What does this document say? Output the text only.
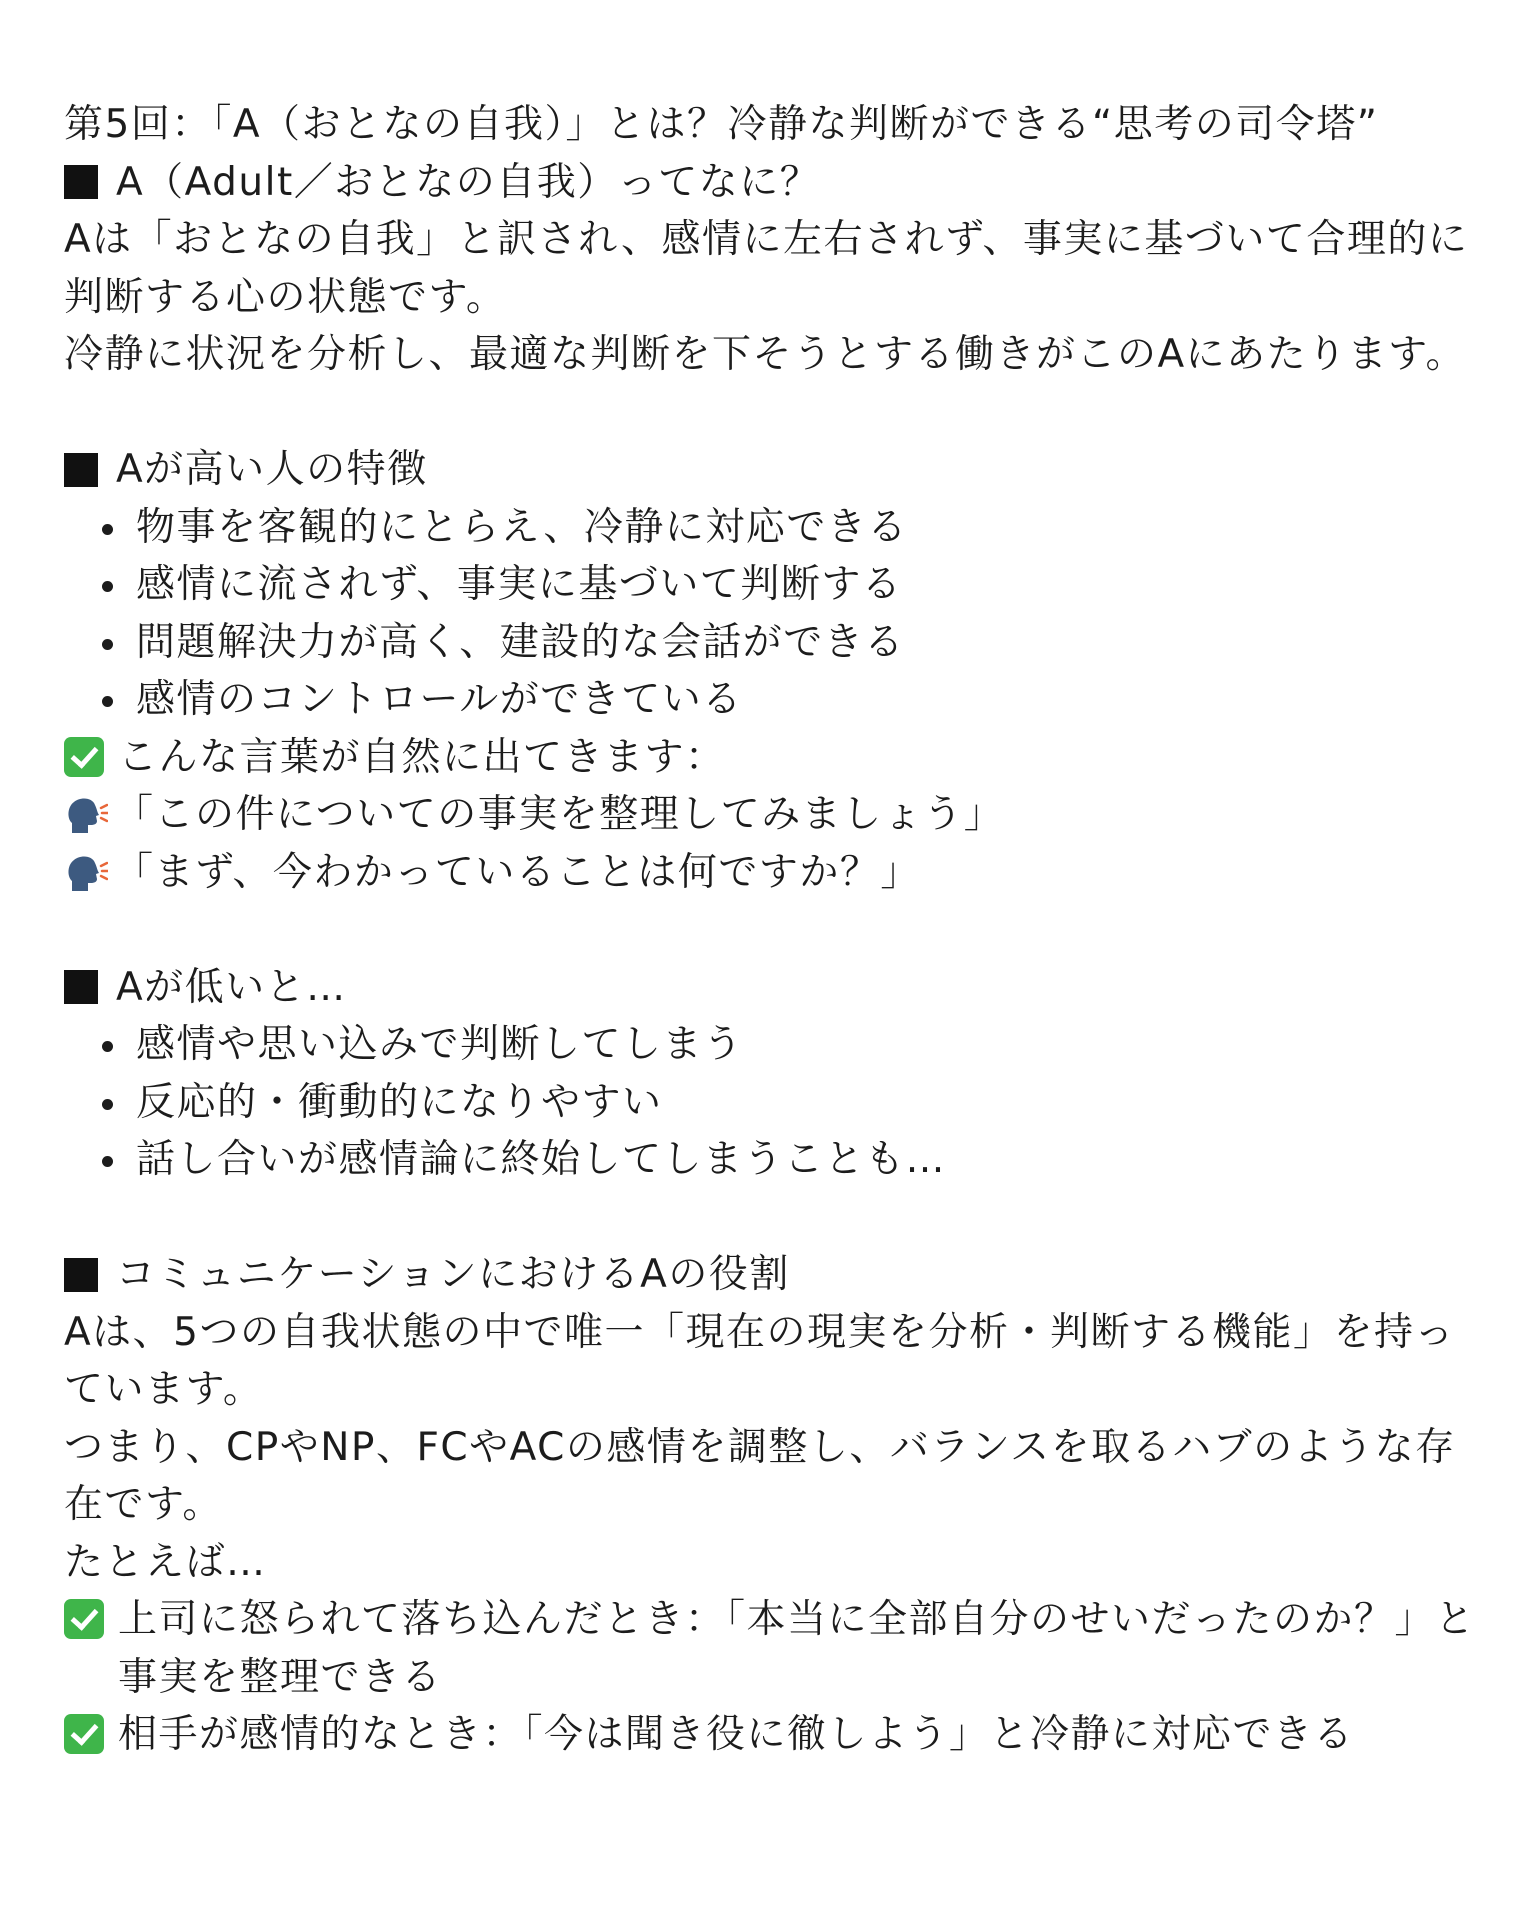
第5回：「A（おとなの自我）」とは？冷静な判断ができる“思考の司令塔”

A（Adult／おとなの自我）ってなに？

Aは「おとなの自我」と訳され、感情に左右されず、事実に基づいて合理的に判断する心の状態です。

冷静に状況を分析し、最適な判断を下そうとする働きがこのAにあたります。

Aが高い人の特徴
物事を客観的にとらえ、冷静に対応できる
感情に流されず、事実に基づいて判断する
問題解決力が高く、建設的な会話ができる
感情のコントロールができている
こんな言葉が自然に出てきます：
「この件についての事実を整理してみましょう」
「まず、今わかっていることは何ですか？」
Aが低いと…
感情や思い込みで判断してしまう
反応的・衝動的になりやすい
話し合いが感情論に終始してしまうことも…
コミュニケーションにおけるAの役割

Aは、5つの自我状態の中で唯一「現在の現実を分析・判断する機能」を持っています。

つまり、CPやNP、FCやACの感情を調整し、バランスを取るハブのような存在です。

たとえば…

上司に怒られて落ち込んだとき：「本当に全部自分のせいだったのか？」と事実を整理できる
相手が感情的なとき：「今は聞き役に徹しよう」と冷静に対応できる
